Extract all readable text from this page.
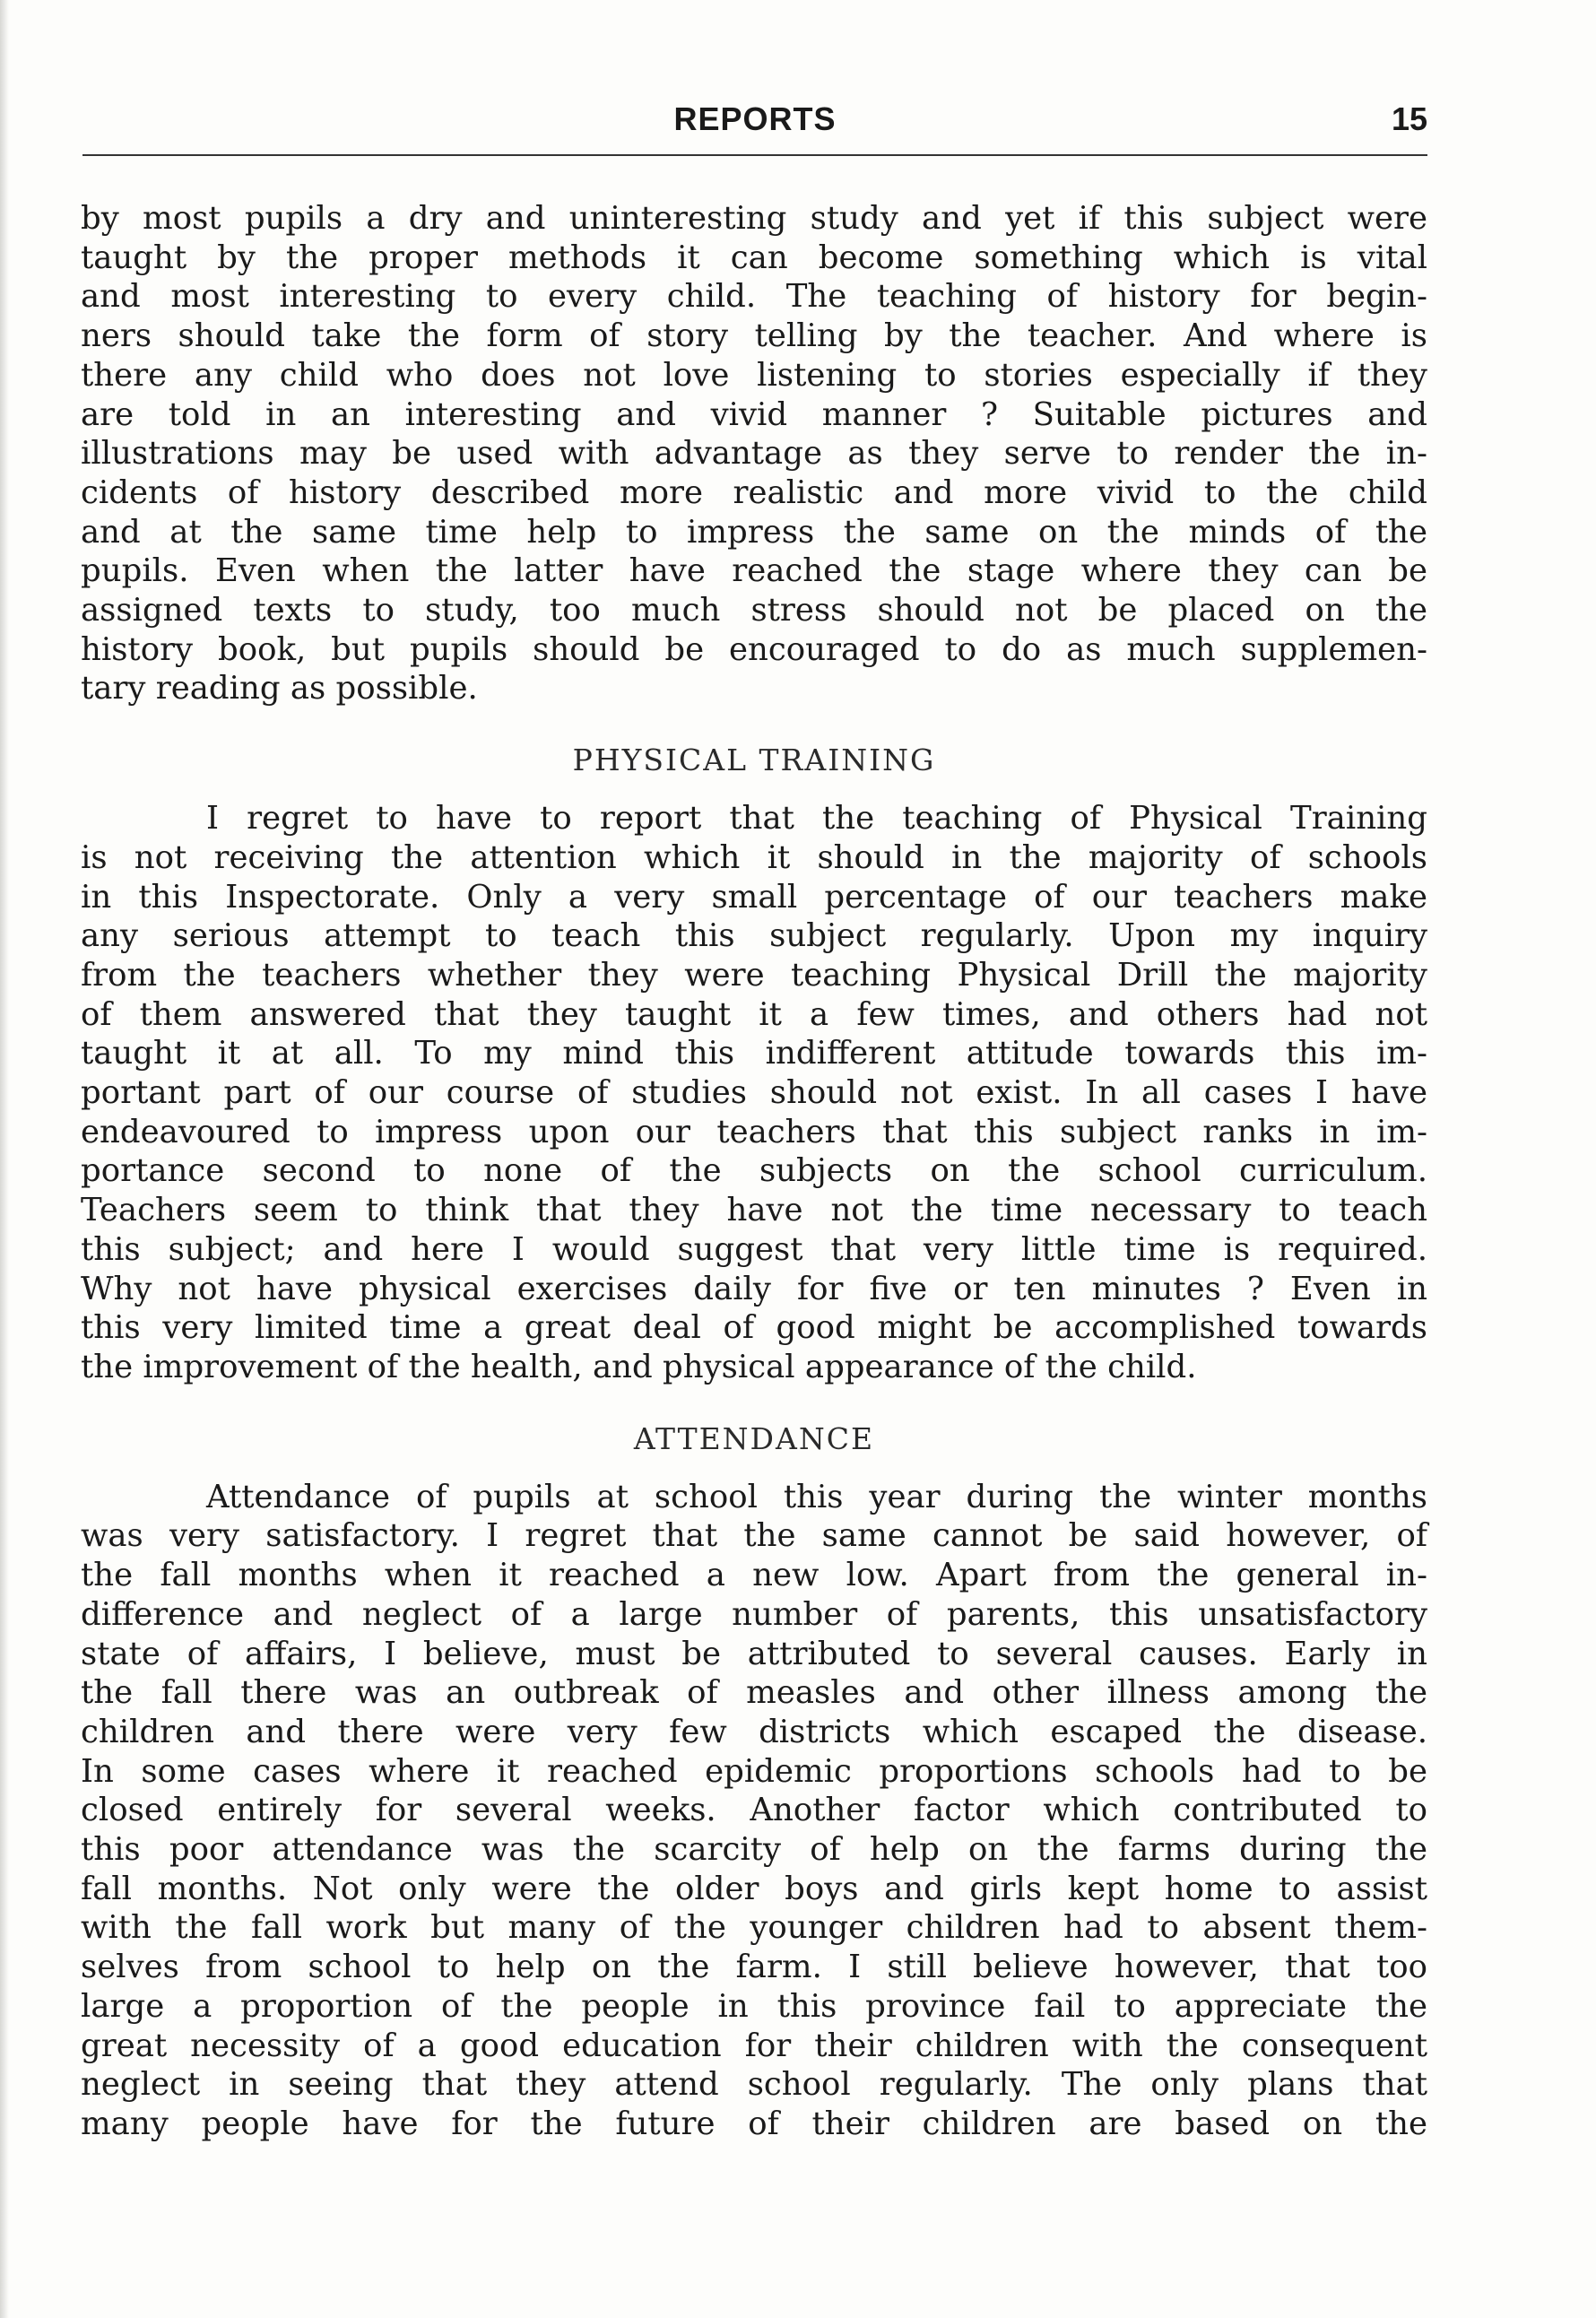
REPORTS	15
by most pupils a dry and uninteresting study and yet if this subject were
taught by the proper methods it can become something which is vital
and most interesting to every child. The teaching of history for begin-
ners should take the form of story telling by the teacher. And where is
there any child who does not love listening to stories especially if they
are told in an interesting and vivid manner ? Suitable pictures and
illustrations may be used with advantage as they serve to render the in-
cidents of history described more realistic and more vivid to the child
and at the same time help to impress the same on the minds of the
pupils. Even when the latter have reached the stage where they can be
assigned texts to study, too much stress should not be placed on the
history book, but pupils should be encouraged to do as much supplemen-
tary reading as possible.
PHYSICAL TRAINING
I regret to have to report that the teaching of Physical Training
is not receiving the attention which it should in the majority of schools
in this Inspectorate. Only a very small percentage of our teachers make
any serious attempt to teach this subject regularly. Upon my inquiry
from the teachers whether they were teaching Physical Drill the majority
of them answered that they taught it a few times, and others had not
taught it at all. To my mind this indifferent attitude towards this im-
portant part of our course of studies should not exist. In all cases I have
endeavoured to impress upon our teachers that this subject ranks in im-
portance second to none of the subjects on the school curriculum.
Teachers seem to think that they have not the time necessary to teach
this subject; and here I would suggest that very little time is required.
Why not have physical exercises daily for five or ten minutes ? Even in
this very limited time a great deal of good might be accomplished towards
the improvement of the health, and physical appearance of the child.
ATTENDANCE
Attendance of pupils at school this year during the winter months
was very satisfactory. I regret that the same cannot be said however, of
the fall months when it reached a new low. Apart from the general in-
difference and neglect of a large number of parents, this unsatisfactory
state of affairs, I believe, must be attributed to several causes. Early in
the fall there was an outbreak of measles and other illness among the
children and there were very few districts which escaped the disease.
In some cases where it reached epidemic proportions schools had to be
closed entirely for several weeks. Another factor which contributed to
this poor attendance was the scarcity of help on the farms during the
fall months. Not only were the older boys and girls kept home to assist
with the fall work but many of the younger children had to absent them-
selves from school to help on the farm. I still believe however, that too
large a proportion of the people in this province fail to appreciate the
great necessity of a good education for their children with the consequent
neglect in seeing that they attend school regularly. The only plans that
many people have for the future of their children are based on the
